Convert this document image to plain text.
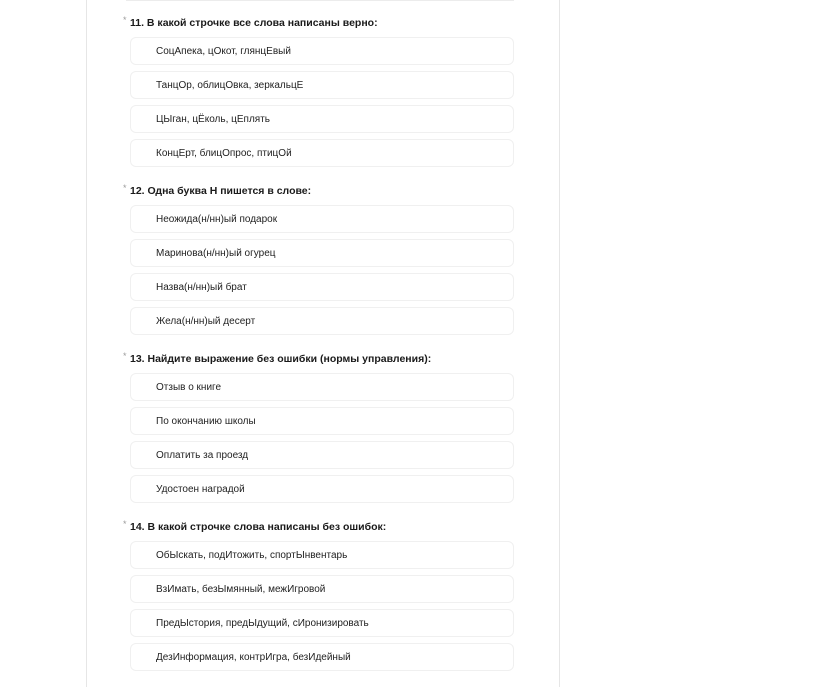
* 11. В какой строчке все слова написаны верно:
СоцАпека, цОкот, глянцЕвый
ТанцОр, облицОвка, зеркальцЕ
ЦЫган, цЁколь, цЕплять
КонцЕрт, блицОпрос, птицОй
* 12. Одна буква Н пишется в слове:
Неожида(н/нн)ый подарок
Маринова(н/нн)ый огурец
Назва(н/нн)ый брат
Жела(н/нн)ый десерт
* 13. Найдите выражение без ошибки (нормы управления):
Отзыв о книге
По окончанию школы
Оплатить за проезд
Удостоен наградой
* 14. В какой строчке слова написаны без ошибок:
ОбЫскать, подИтожить, спортЫнвентарь
ВзИмать, безЫмянный, межИгровой
ПредЫстория, предЫдущий, сИронизировать
ДезИнформация, контрИгра, безИдейный
